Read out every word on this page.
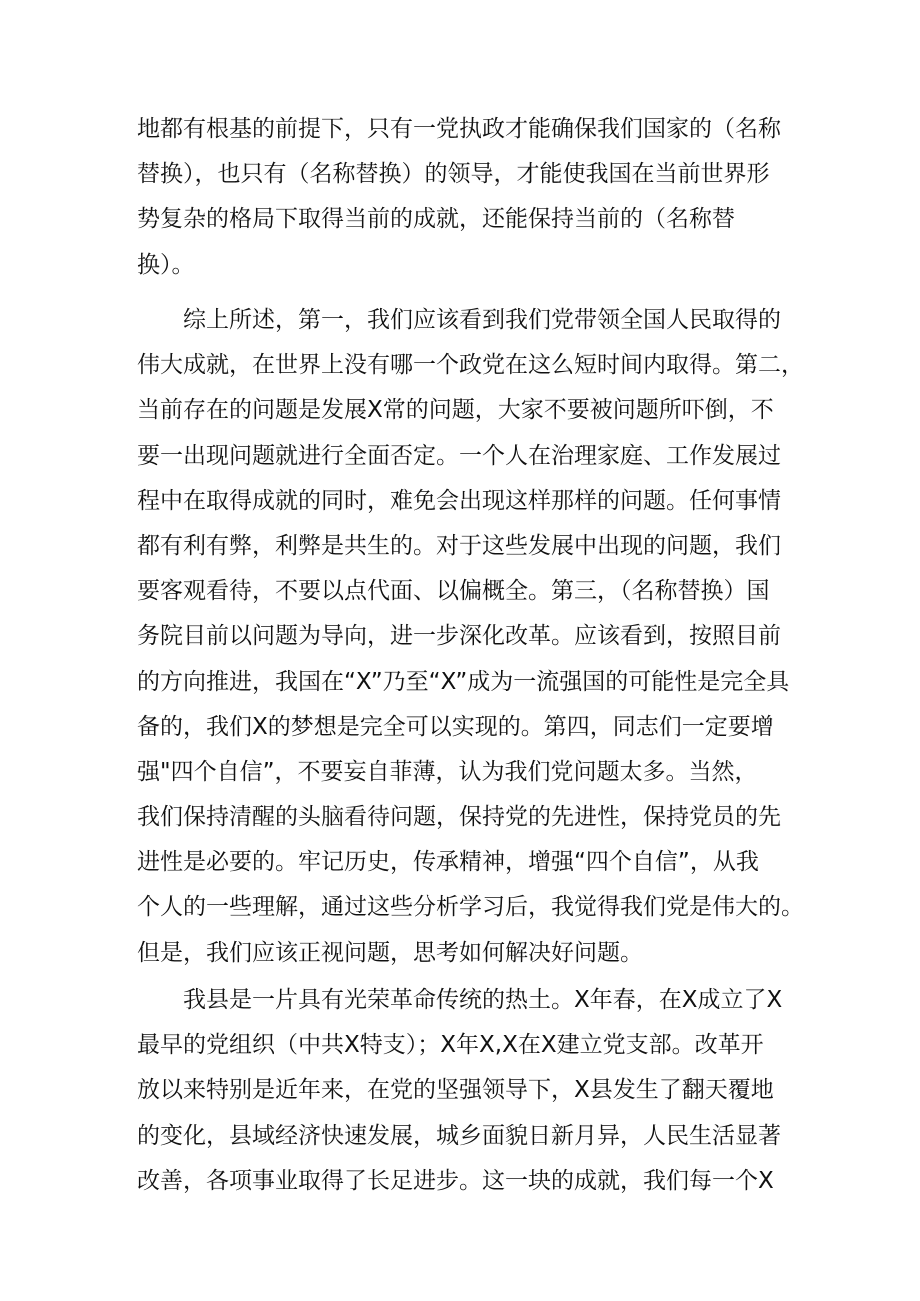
地都有根基的前提下，只有一党执政才能确保我们国家的（名称
替换），也只有（名称替换）的领导，才能使我国在当前世界形
势复杂的格局下取得当前的成就，还能保持当前的（名称替
换）。
综上所述，第一，我们应该看到我们党带领全国人民取得的
伟大成就，在世界上没有哪一个政党在这么短时间内取得。第二，
当前存在的问题是发展X常的问题，大家不要被问题所吓倒，不
要一出现问题就进行全面否定。一个人在治理家庭、工作发展过
程中在取得成就的同时，难免会出现这样那样的问题。任何事情
都有利有弊，利弊是共生的。对于这些发展中出现的问题，我们
要客观看待，不要以点代面、以偏概全。第三，（名称替换）国
务院目前以问题为导向，进一步深化改革。应该看到，按照目前
的方向推进，我国在“X”乃至“X”成为一流强国的可能性是完全具
备的，我们X的梦想是完全可以实现的。第四，同志们一定要增
强"四个自信”，不要妄自菲薄，认为我们党问题太多。当然，
我们保持清醒的头脑看待问题，保持党的先进性，保持党员的先
进性是必要的。牢记历史，传承精神，增强“四个自信”，从我
个人的一些理解，通过这些分析学习后，我觉得我们党是伟大的。
但是，我们应该正视问题，思考如何解决好问题。
我县是一片具有光荣革命传统的热土。X年春，在X成立了X
最早的党组织（中共X特支）；X年X,X在X建立党支部。改革开
放以来特别是近年来，在党的坚强领导下，X县发生了翻天覆地
的变化，县域经济快速发展，城乡面貌日新月异，人民生活显著
改善，各项事业取得了长足进步。这一块的成就，我们每一个X
